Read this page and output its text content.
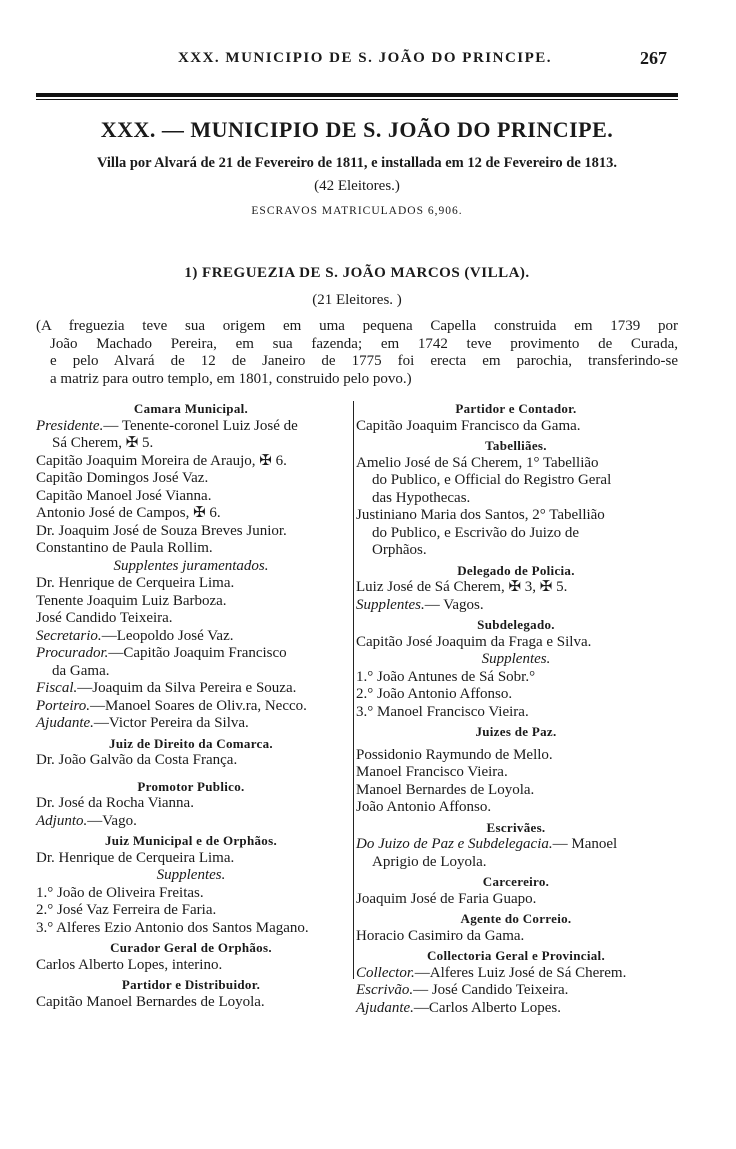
XXX. MUNICIPIO DE S. JOÃO DO PRINCIPE.	267
XXX. — MUNICIPIO DE S. JOÃO DO PRINCIPE.
Villa por Alvará de 21 de Fevereiro de 1811, e installada em 12 de Fevereiro de 1813.
(42 Eleitores.)
ESCRAVOS MATRICULADOS 6,906.
1) FREGUEZIA DE S. JOÃO MARCOS (VILLA).
(21 Eleitores. )
(A freguezia teve sua origem em uma pequena Capella construida em 1739 por
João Machado Pereira, em sua fazenda; em 1742 teve provimento de Curada,
e pelo Alvará de 12 de Janeiro de 1775 foi erecta em parochia, transferindo-se
a matriz para outro templo, em 1801, construido pelo povo.)
Camara Municipal.
Presidente.— Tenente-coronel Luiz José de
Sá Cherem, ✠ 5.
Capitão Joaquim Moreira de Araujo, ✠ 6.
Capitão Domingos José Vaz.
Capitão Manoel José Vianna.
Antonio José de Campos, ✠ 6.
Dr. Joaquim José de Souza Breves Junior.
Constantino de Paula Rollim.
Supplentes juramentados.
Dr. Henrique de Cerqueira Lima.
Tenente Joaquim Luiz Barboza.
José Candido Teixeira.
Secretario.—Leopoldo José Vaz.
Procurador.—Capitão Joaquim Francisco
da Gama.
Fiscal.—Joaquim da Silva Pereira e Souza.
Porteiro.—Manoel Soares de Oliv.ra, Necco.
Ajudante.—Victor Pereira da Silva.
Juiz de Direito da Comarca.
Dr. João Galvão da Costa França.
Promotor Publico.
Dr. José da Rocha Vianna.
Adjunto.—Vago.
Juiz Municipal e de Orphãos.
Dr. Henrique de Cerqueira Lima.
Supplentes.
1.° João de Oliveira Freitas.
2.° José Vaz Ferreira de Faria.
3.° Alferes Ezio Antonio dos Santos Magano.
Curador Geral de Orphãos.
Carlos Alberto Lopes, interino.
Partidor e Distribuidor.
Capitão Manoel Bernardes de Loyola.
Partidor e Contador.
Capitão Joaquim Francisco da Gama.
Tabelliães.
Amelio José de Sá Cherem, 1° Tabellião
do Publico, e Official do Registro Geral
das Hypothecas.
Justiniano Maria dos Santos, 2° Tabellião
do Publico, e Escrivão do Juizo de
Orphãos.
Delegado de Policia.
Luiz José de Sá Cherem, ✠ 3, ✠ 5.
Supplentes.— Vagos.
Subdelegado.
Capitão José Joaquim da Fraga e Silva.
Supplentes.
1.° João Antunes de Sá Sobr.°
2.° João Antonio Affonso.
3.° Manoel Francisco Vieira.
Juizes de Paz.
Possidonio Raymundo de Mello.
Manoel Francisco Vieira.
Manoel Bernardes de Loyola.
João Antonio Affonso.
Escrivães.
Do Juizo de Paz e Subdelegacia.— Manoel
Aprigio de Loyola.
Carcereiro.
Joaquim José de Faria Guapo.
Agente do Correio.
Horacio Casimiro da Gama.
Collectoria Geral e Provincial.
Collector.—Alferes Luiz José de Sá Cherem.
Escrivão.— José Candido Teixeira.
Ajudante.—Carlos Alberto Lopes.
